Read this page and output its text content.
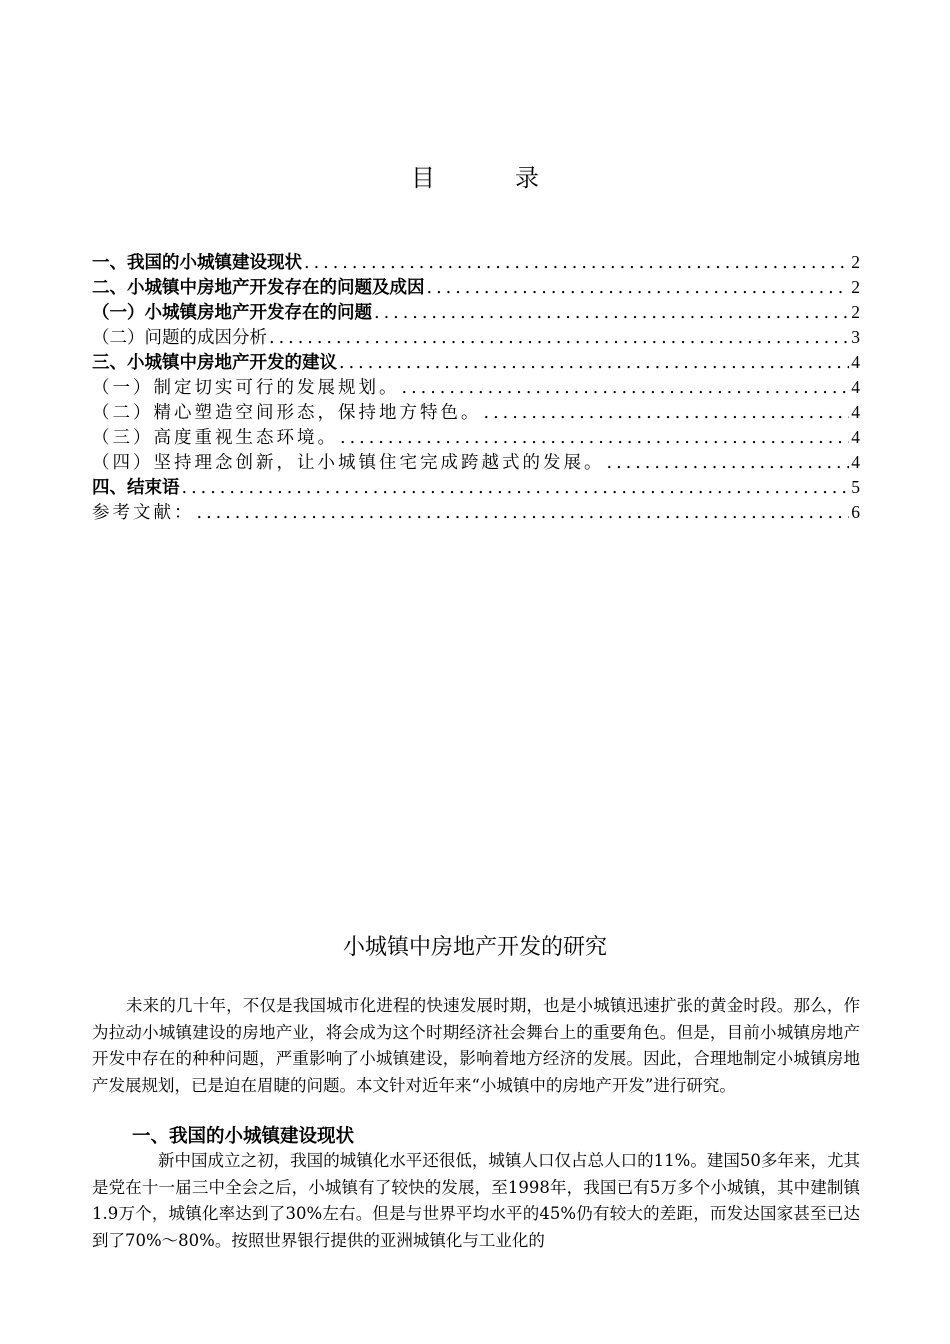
目	录
一、我国的小城镇建设现状 .....	2
二、小城镇中房地产开发存在的问题及成因 .....	2
（一）小城镇房地产开发存在的问题 .....	2
（二）问题的成因分析 .....	3
三、小城镇中房地产开发的建议 .....	4
（一）制定切实可行的发展规划。 .....	4
（二）精心塑造空间形态，保持地方特色。 .....	4
（三）高度重视生态环境。 .....	4
（四）坚持理念创新，让小城镇住宅完成跨越式的发展。 .....	4
四、结束语 .....	5
参考文献： .....	6
小城镇中房地产开发的研究
未来的几十年，不仅是我国城市化进程的快速发展时期，也是小城镇迅速扩张的黄金时段。那么，作为拉动小城镇建设的房地产业，将会成为这个时期经济社会舞台上的重要角色。但是，目前小城镇房地产开发中存在的种种问题，严重影响了小城镇建设，影响着地方经济的发展。因此，合理地制定小城镇房地产发展规划，已是迫在眉睫的问题。本文针对近年来“小城镇中的房地产开发”进行研究。
一、我国的小城镇建设现状
新中国成立之初，我国的城镇化水平还很低，城镇人口仅占总人口的11%。建国50多年来，尤其是党在十一届三中全会之后，小城镇有了较快的发展，至1998年，我国已有5万多个小城镇，其中建制镇1.9万个，城镇化率达到了30%左右。但是与世界平均水平的45%仍有较大的差距，而发达国家甚至已达到了70%～80%。按照世界银行提供的亚洲城镇化与工业化的
